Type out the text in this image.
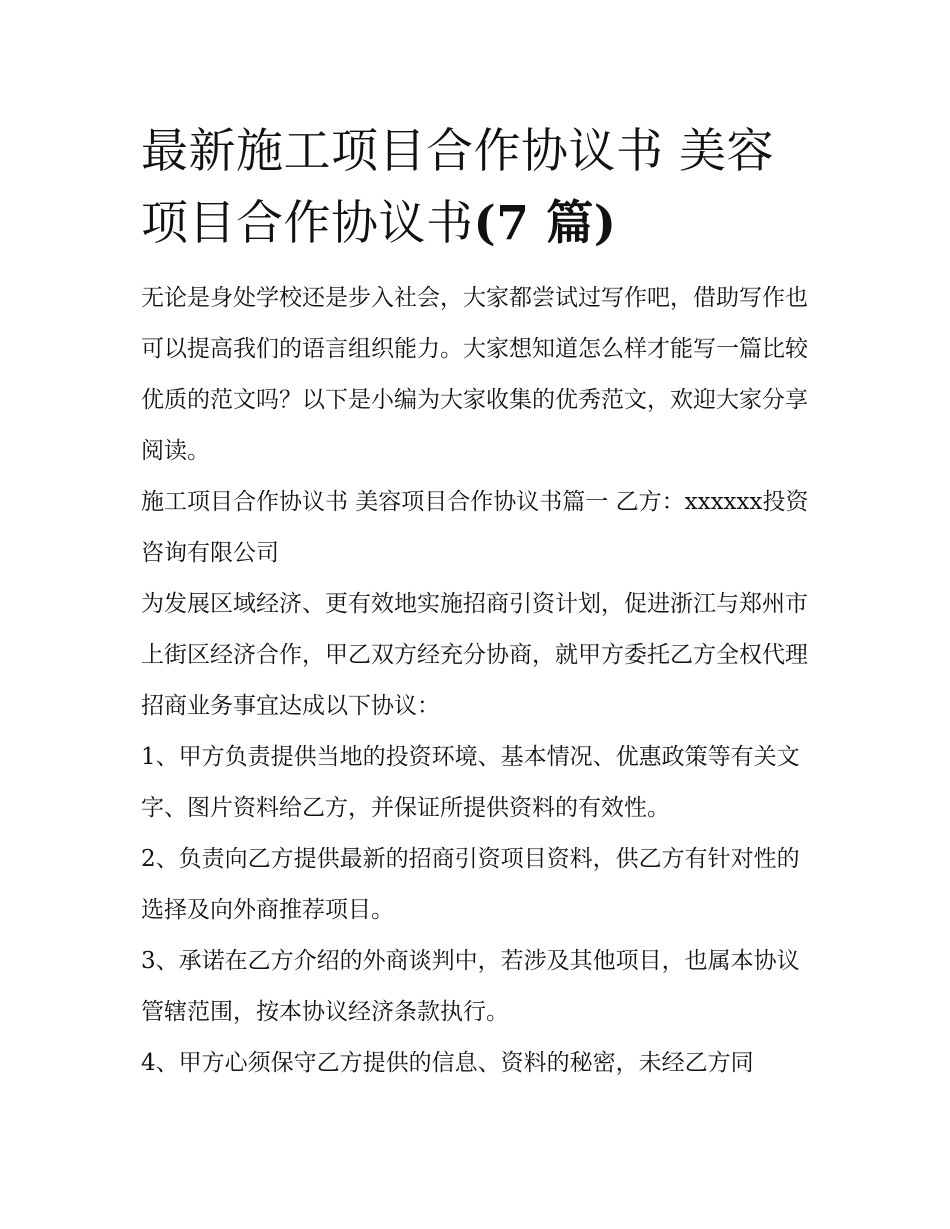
最新施工项目合作协议书 美容
项目合作协议书(7 篇)

无论是身处学校还是步入社会，大家都尝试过写作吧，借助写作也可以提高我们的语言组织能力。大家想知道怎么样才能写一篇比较优质的范文吗？以下是小编为大家收集的优秀范文，欢迎大家分享阅读。

施工项目合作协议书 美容项目合作协议书篇一 乙方：xxxxxx投资咨询有限公司

为发展区域经济、更有效地实施招商引资计划，促进浙江与郑州市上街区经济合作，甲乙双方经充分协商，就甲方委托乙方全权代理招商业务事宜达成以下协议：

1、甲方负责提供当地的投资环境、基本情况、优惠政策等有关文字、图片资料给乙方，并保证所提供资料的有效性。

2、负责向乙方提供最新的招商引资项目资料，供乙方有针对性的选择及向外商推荐项目。

3、承诺在乙方介绍的外商谈判中，若涉及其他项目，也属本协议管辖范围，按本协议经济条款执行。

4、甲方心须保守乙方提供的信息、资料的秘密，未经乙方同
